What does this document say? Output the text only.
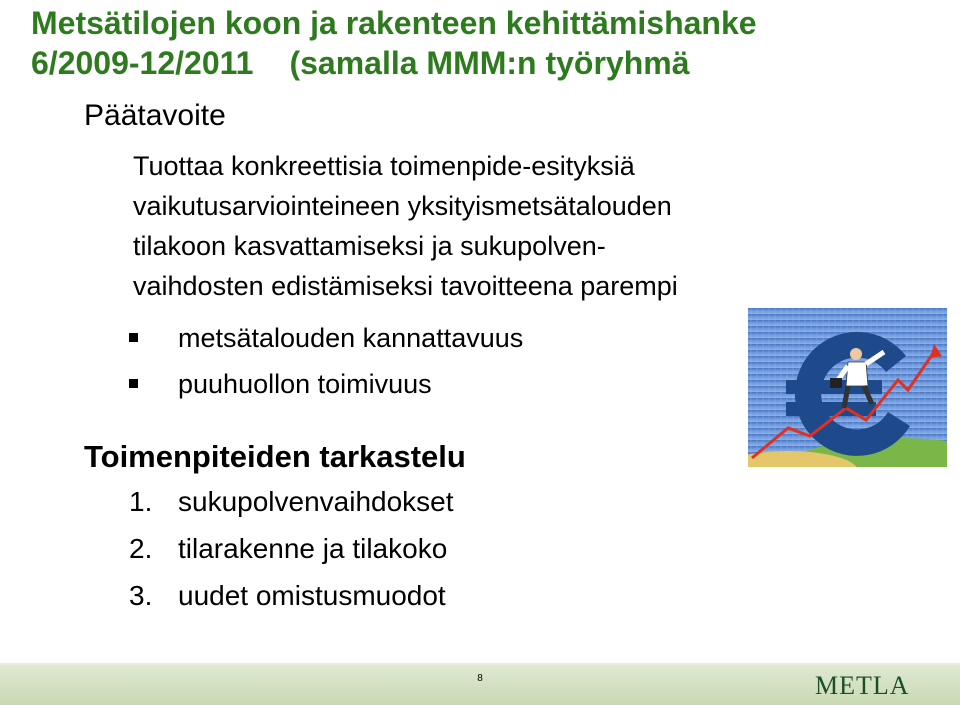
Metsätilojen koon ja rakenteen kehittämishanke
6/2009-12/2011 (samalla MMM:n työryhmä
Päätavoite
Tuottaa konkreettisia toimenpide-esityksiä
vaikutusarviointeineen yksityismetsätalouden
tilakoon kasvattamiseksi ja sukupolven-
vaihdosten edistämiseksi tavoitteena parempi
metsätalouden kannattavuus
puuhuollon toimivuus
Toimenpiteiden tarkastelu
1. sukupolvenvaihdokset
2. tilarakenne ja tilakoko
3. uudet omistusmuodot
8	METLA
